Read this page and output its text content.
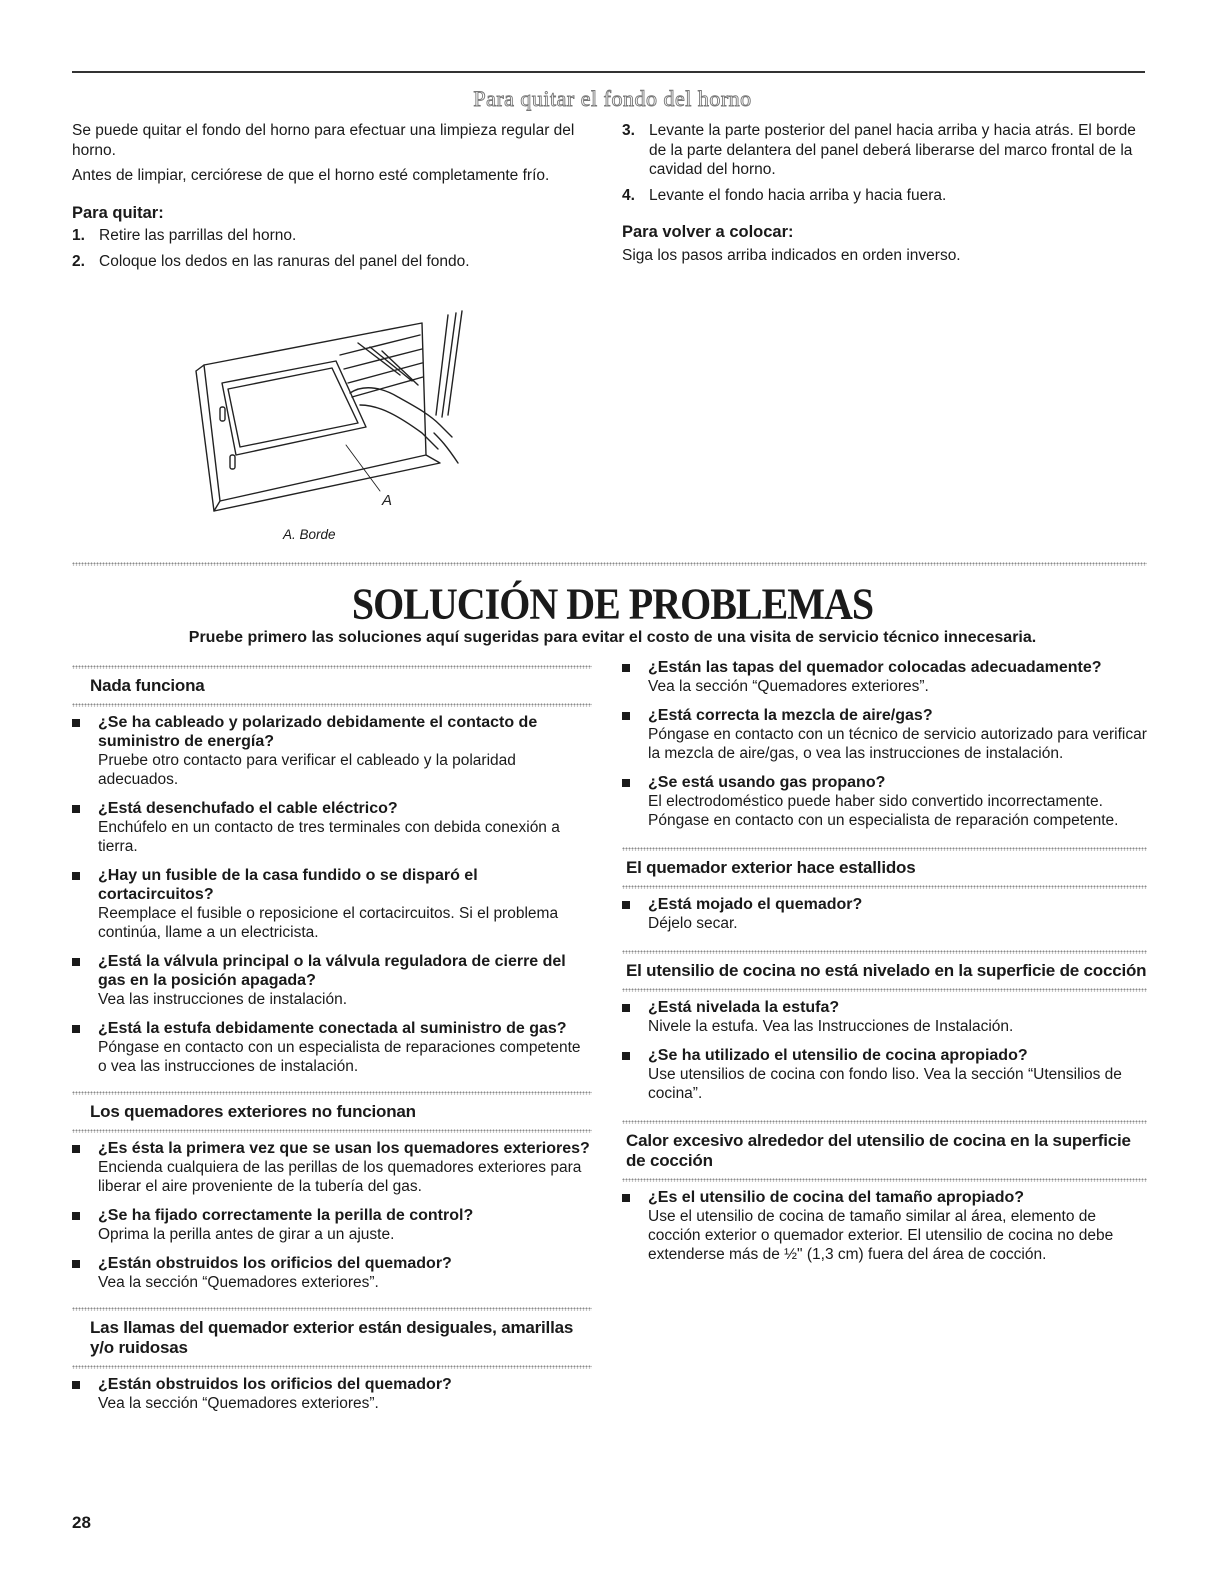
Para quitar el fondo del horno

Se puede quitar el fondo del horno para efectuar una limpieza regular del horno.

Antes de limpiar, cerciórese de que el horno esté completamente frío.

Para quitar:
1. Retire las parrillas del horno.
2. Coloque los dedos en las ranuras del panel del fondo.
3. Levante la parte posterior del panel hacia arriba y hacia atrás. El borde de la parte delantera del panel deberá liberarse del marco frontal de la cavidad del horno.
4. Levante el fondo hacia arriba y hacia fuera.
Para volver a colocar:

Siga los pasos arriba indicados en orden inverso.

A
A. Borde
SOLUCIÓN DE PROBLEMAS
Pruebe primero las soluciones aquí sugeridas para evitar el costo de una visita de servicio técnico innecesaria.
Nada funciona
¿Se ha cableado y polarizado debidamente el contacto de suministro de energía?
Pruebe otro contacto para verificar el cableado y la polaridad adecuados.
¿Está desenchufado el cable eléctrico?
Enchúfelo en un contacto de tres terminales con debida conexión a tierra.
¿Hay un fusible de la casa fundido o se disparó el cortacircuitos?
Reemplace el fusible o reposicione el cortacircuitos. Si el problema continúa, llame a un electricista.
¿Está la válvula principal o la válvula reguladora de cierre del gas en la posición apagada?
Vea las instrucciones de instalación.
¿Está la estufa debidamente conectada al suministro de gas?
Póngase en contacto con un especialista de reparaciones competente o vea las instrucciones de instalación.
Los quemadores exteriores no funcionan
¿Es ésta la primera vez que se usan los quemadores exteriores?
Encienda cualquiera de las perillas de los quemadores exteriores para liberar el aire proveniente de la tubería del gas.
¿Se ha fijado correctamente la perilla de control?
Oprima la perilla antes de girar a un ajuste.
¿Están obstruidos los orificios del quemador?
Vea la sección “Quemadores exteriores”.
Las llamas del quemador exterior están desiguales, amarillas y/o ruidosas
¿Están obstruidos los orificios del quemador?
Vea la sección “Quemadores exteriores”.
¿Están las tapas del quemador colocadas adecuadamente?
Vea la sección “Quemadores exteriores”.
¿Está correcta la mezcla de aire/gas?
Póngase en contacto con un técnico de servicio autorizado para verificar la mezcla de aire/gas, o vea las instrucciones de instalación.
¿Se está usando gas propano?
El electrodoméstico puede haber sido convertido incorrectamente. Póngase en contacto con un especialista de reparación competente.
El quemador exterior hace estallidos
¿Está mojado el quemador?
Déjelo secar.
El utensilio de cocina no está nivelado en la superficie de cocción
¿Está nivelada la estufa?
Nivele la estufa. Vea las Instrucciones de Instalación.
¿Se ha utilizado el utensilio de cocina apropiado?
Use utensilios de cocina con fondo liso. Vea la sección “Utensilios de cocina”.
Calor excesivo alrededor del utensilio de cocina en la superficie de cocción
¿Es el utensilio de cocina del tamaño apropiado?
Use el utensilio de cocina de tamaño similar al área, elemento de cocción exterior o quemador exterior. El utensilio de cocina no debe extenderse más de ½" (1,3 cm) fuera del área de cocción.
28
